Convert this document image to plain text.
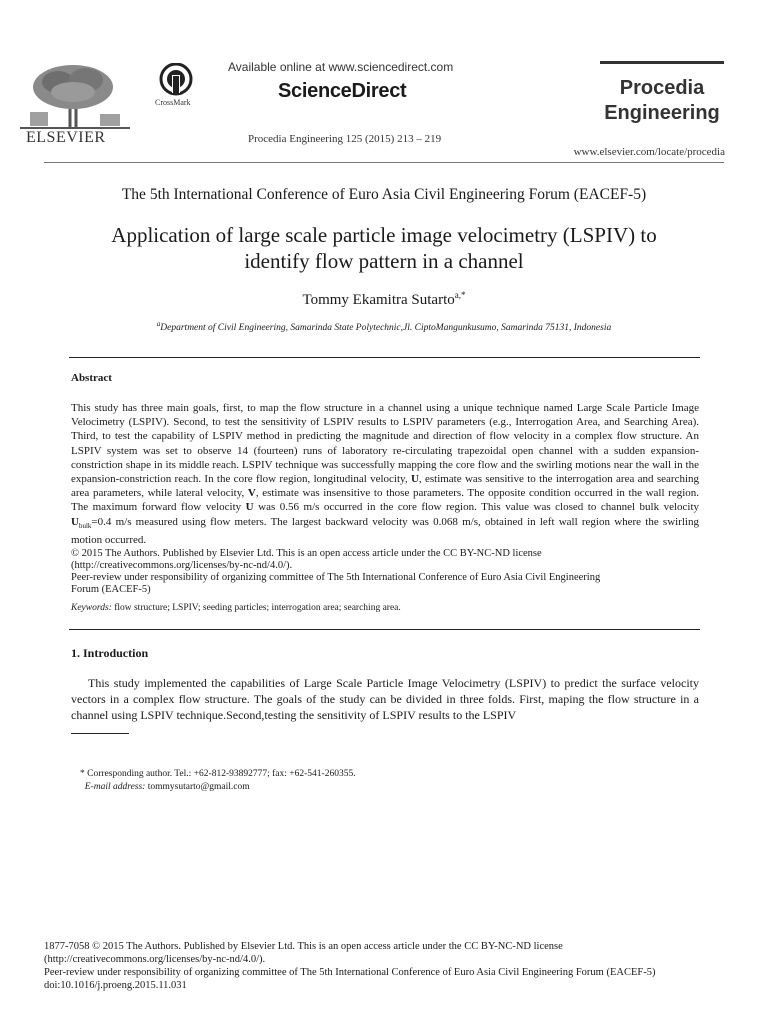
ELSEVIER
CrossMark
Available online at www.sciencedirect.com
ScienceDirect
Procedia Engineering 125 (2015) 213 – 219
Procedia
Engineering
www.elsevier.com/locate/procedia
The 5th International Conference of Euro Asia Civil Engineering Forum (EACEF-5)
Application of large scale particle image velocimetry (LSPIV) to
identify flow pattern in a channel
Tommy Ekamitra Sutarto$^{a,*}$
$^a$Department of Civil Engineering, Samarinda State Polytechnic,Jl. CiptoMangunkusumo, Samarinda 75131, Indonesia
Abstract
This study has three main goals, first, to map the flow structure in a channel using a unique technique named Large Scale Particle Image Velocimetry (LSPIV). Second, to test the sensitivity of LSPIV results to LSPIV parameters (e.g., Interrogation Area, and Searching Area). Third, to test the capability of LSPIV method in predicting the magnitude and direction of flow velocity in a complex flow structure. An LSPIV system was set to observe 14 (fourteen) runs of laboratory re-circulating trapezoidal open channel with a sudden expansion-constriction shape in its middle reach. LSPIV technique was successfully mapping the core flow and the swirling motions near the wall in the expansion-constriction reach. In the core flow region, longitudinal velocity, U, estimate was sensitive to the interrogation area and searching area parameters, while lateral velocity, V, estimate was insensitive to those parameters. The opposite condition occurred in the wall region. The maximum forward flow velocity U was 0.56 m/s occurred in the core flow region. This value was closed to channel bulk velocity $U_{bulk}=0.4$ m/s measured using flow meters. The largest backward velocity was 0.068 m/s, obtained in left wall region where the swirling motion occurred.
© 2015 The Authors. Published by Elsevier Ltd. This is an open access article under the CC BY-NC-ND license
(http://creativecommons.org/licenses/by-nc-nd/4.0/).
Peer-review under responsibility of organizing committee of The 5th International Conference of Euro Asia Civil Engineering
Forum (EACEF-5)
Keywords: flow structure; LSPIV; seeding particles; interrogation area; searching area.
1. Introduction
This study implemented the capabilities of Large Scale Particle Image Velocimetry (LSPIV) to predict the surface velocity vectors in a complex flow structure. The goals of the study can be divided in three folds. First, maping the flow structure in a channel using LSPIV technique.Second,testing the sensitivity of LSPIV results to the LSPIV
* Corresponding author. Tel.: +62-812-93892777; fax: +62-541-260355.
E-mail address: tommysutarto@gmail.com
1877-7058 © 2015 The Authors. Published by Elsevier Ltd. This is an open access article under the CC BY-NC-ND license
(http://creativecommons.org/licenses/by-nc-nd/4.0/).
Peer-review under responsibility of organizing committee of The 5th International Conference of Euro Asia Civil Engineering Forum (EACEF-5)
doi:10.1016/j.proeng.2015.11.031
